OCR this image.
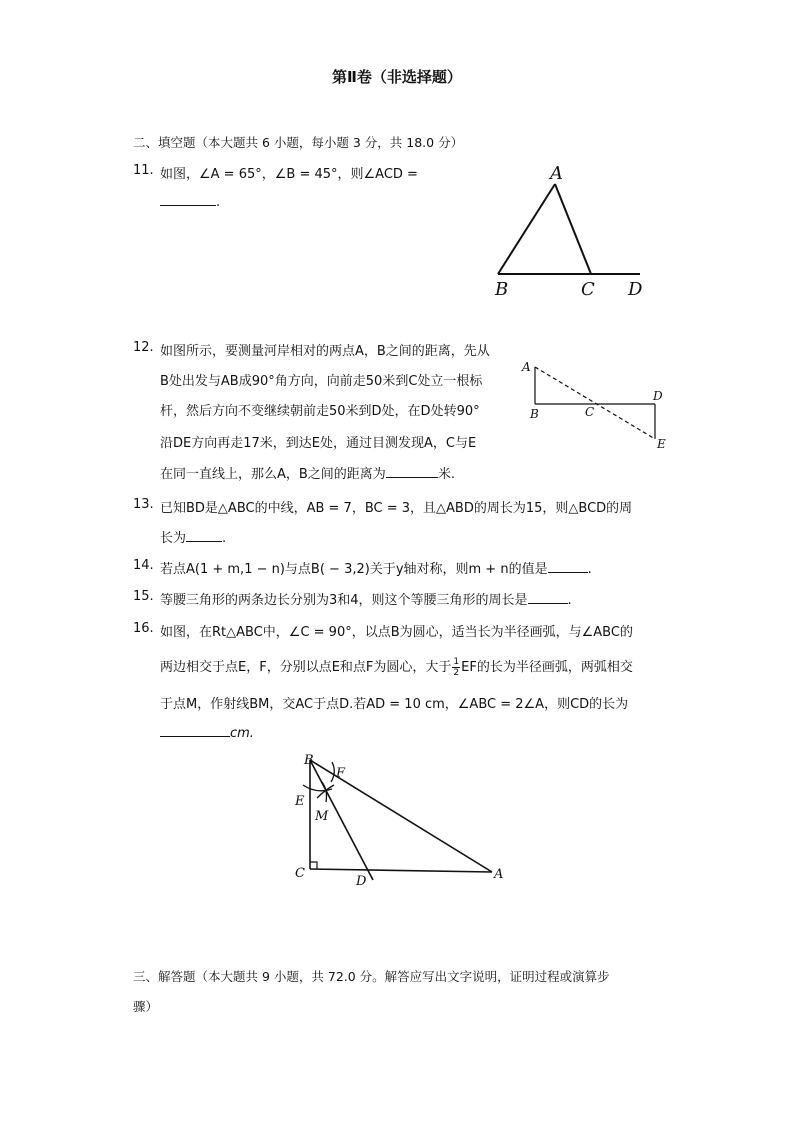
第Ⅱ卷（非选择题）
二、填空题（本大题共 6 小题，每小题 3 分，共 18.0 分）
11. 如图，∠A = 65°，∠B = 45°，则∠ACD =
.
A
B	C D
12. 如图所示，要测量河岸相对的两点A，B之间的距离，先从
B处出发与AB成90°角方向，向前走50米到C处立一根标
杆，然后方向不变继续朝前走50米到D处，在D处转90°
沿DE方向再走17米，到达E处，通过目测发现A，C与E
在同一直线上，那么A，B之间的距离为	米.
A
B	C
D
E
13. 已知BD是△ABC的中线，AB = 7，BC = 3，且△ABD的周长为15，则△BCD的周
长为	.
14. 若点A(1 + m,1 − n)与点B( − 3,2)关于y轴对称，则m + n的值是	.
15. 等腰三角形的两条边长分别为3和4，则这个等腰三角形的周长是	.
16. 如图，在Rt△ABC中，∠C = 90°，以点B为圆心，适当长为半径画弧，与∠ABC的
两边相交于点E，F，分别以点E和点F为圆心，大于 $\frac{1}{2}$ EF的长为半径画弧，两弧相交
于点M，作射线BM，交AC于点D.若AD = 10 cm，∠ABC = 2∠A，则CD的长为
cm.
B
F
E
M
C
D	A
三、解答题（本大题共 9 小题，共 72.0 分。解答应写出文字说明，证明过程或演算步
骤）
